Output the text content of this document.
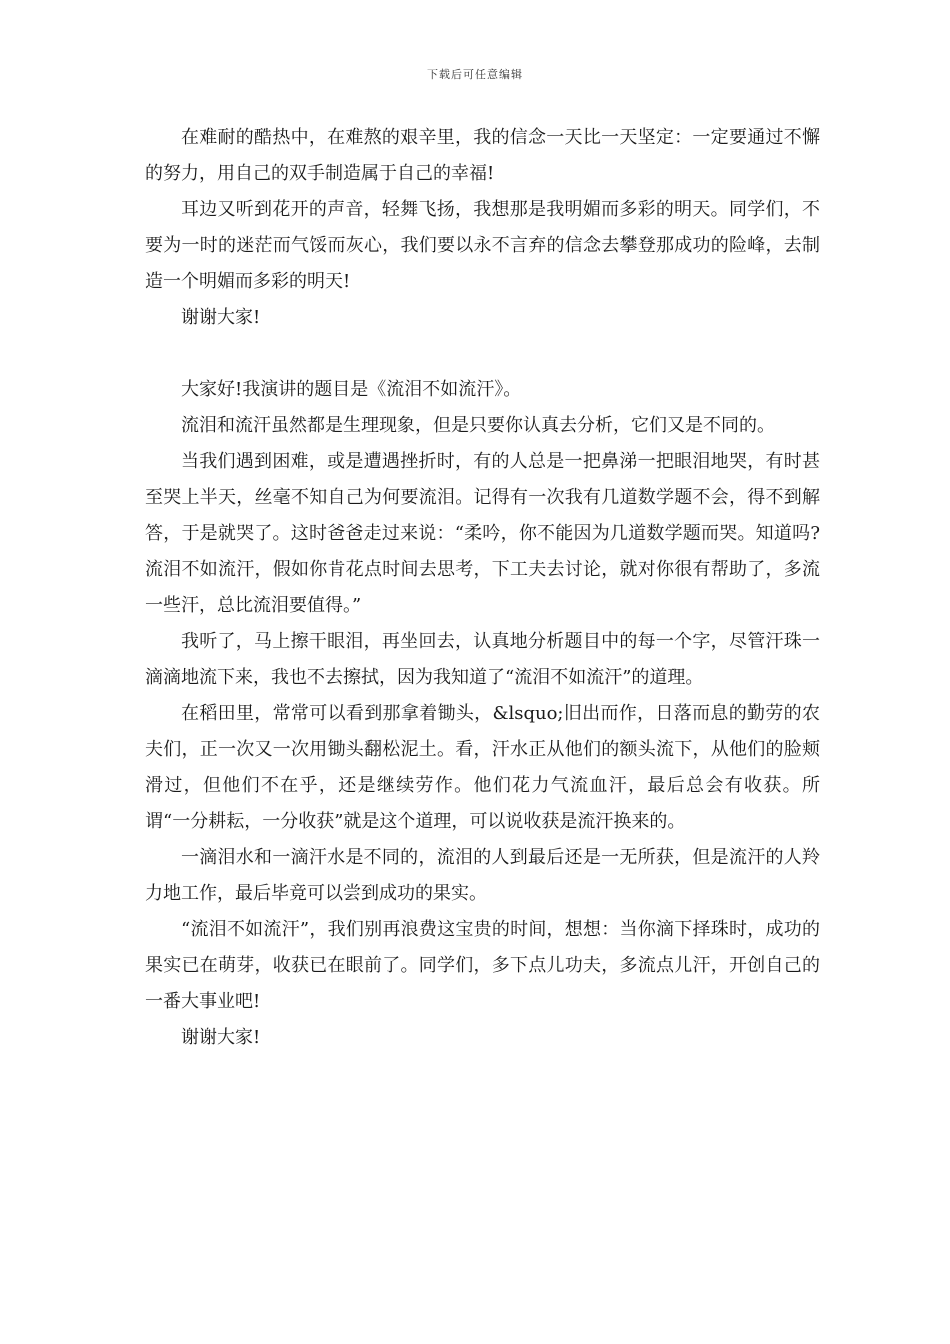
下载后可任意编辑

在难耐的酷热中，在难熬的艰辛里，我的信念一天比一天坚定：一定要通过不懈的努力，用自己的双手制造属于自己的幸福!

耳边又听到花开的声音，轻舞飞扬，我想那是我明媚而多彩的明天。同学们，不要为一时的迷茫而气馁而灰心，我们要以永不言弃的信念去攀登那成功的险峰，去制造一个明媚而多彩的明天!

谢谢大家!

大家好!我演讲的题目是《流泪不如流汗》。

流泪和流汗虽然都是生理现象，但是只要你认真去分析，它们又是不同的。

当我们遇到困难，或是遭遇挫折时，有的人总是一把鼻涕一把眼泪地哭，有时甚至哭上半天，丝毫不知自己为何要流泪。记得有一次我有几道数学题不会，得不到解答，于是就哭了。这时爸爸走过来说：“柔吟，你不能因为几道数学题而哭。知道吗?流泪不如流汗，假如你肯花点时间去思考，下工夫去讨论，就对你很有帮助了，多流一些汗，总比流泪要值得。”

我听了，马上擦干眼泪，再坐回去，认真地分析题目中的每一个字，尽管汗珠一滴滴地流下来，我也不去擦拭，因为我知道了“流泪不如流汗”的道理。

在稻田里，常常可以看到那拿着锄头，&lsquo;旧出而作，日落而息的勤劳的农夫们，正一次又一次用锄头翻松泥土。看，汗水正从他们的额头流下，从他们的脸颊滑过，但他们不在乎，还是继续劳作。他们花力气流血汗，最后总会有收获。所谓“一分耕耘，一分收获”就是这个道理，可以说收获是流汗换来的。

一滴泪水和一滴汗水是不同的，流泪的人到最后还是一无所获，但是流汗的人羚力地工作，最后毕竟可以尝到成功的果实。

“流泪不如流汗”，我们别再浪费这宝贵的时间，想想：当你滴下择珠时，成功的果实已在萌芽，收获已在眼前了。同学们，多下点儿功夫，多流点儿汗，开创自己的一番大事业吧!

谢谢大家!
